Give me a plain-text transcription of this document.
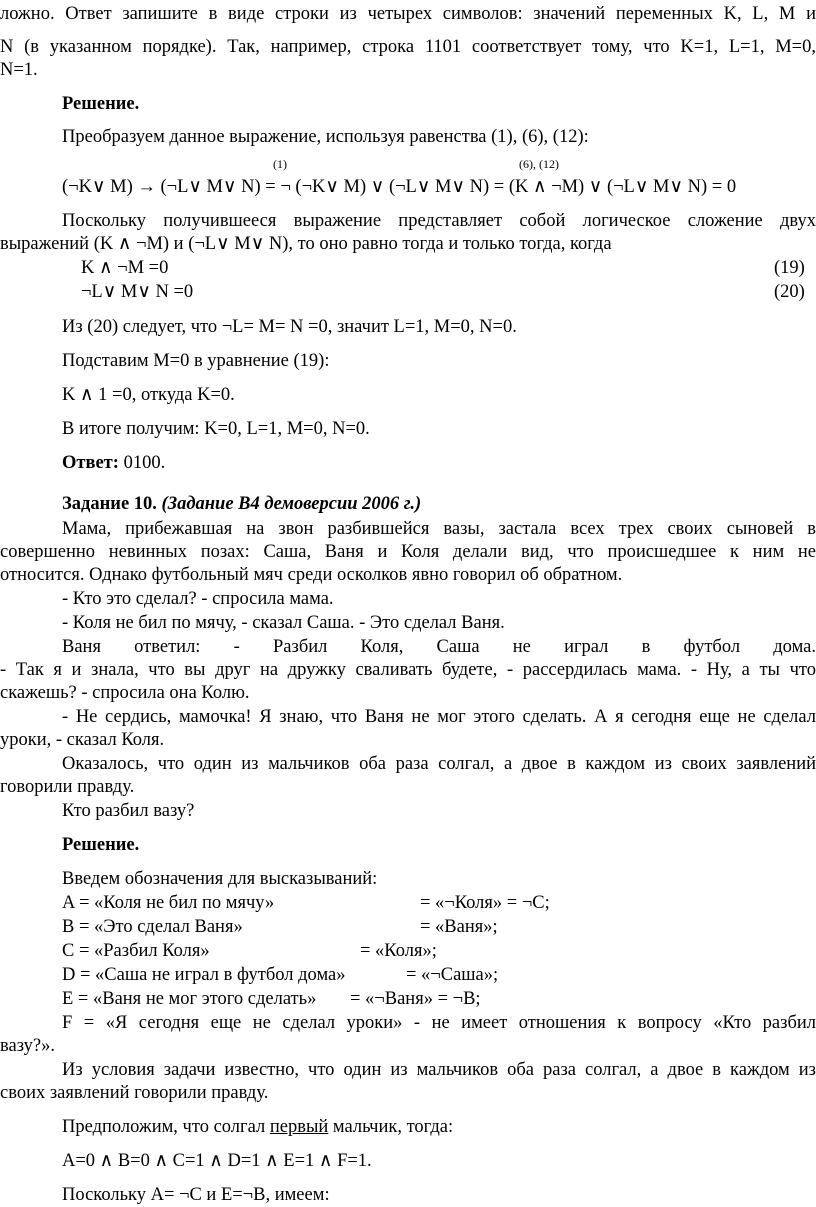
ложно. Ответ запишите в виде строки из четырех символов: значений переменных K, L, M и
N (в указанном порядке). Так, например, строка 1101 соответствует тому, что K=1, L=1, M=0,
N=1.
Решение.
Преобразуем данное выражение, используя равенства (1), (6), (12):
(1)	(6), (12)
(¬K∨ M) → (¬L∨ M∨ N) = ¬ (¬K∨ M) ∨ (¬L∨ M∨ N) = (K ∧ ¬M) ∨ (¬L∨ M∨ N) = 0
Поскольку получившееся выражение представляет собой логическое сложение двух
выражений (K ∧ ¬M) и (¬L∨ M∨ N), то оно равно тогда и только тогда, когда
K ∧ ¬M =0	(19)
¬L∨ M∨ N =0	(20)
Из (20) следует, что ¬L= M= N =0, значит L=1, M=0, N=0.
Подставим M=0 в уравнение (19):
K ∧ 1 =0, откуда K=0.
В итоге получим: K=0, L=1, M=0, N=0.
Ответ: 0100.
Задание 10. (Задание В4 демоверсии 2006 г.)
Мама, прибежавшая на звон разбившейся вазы, застала всех трех своих сыновей в
совершенно невинных позах: Саша, Ваня и Коля делали вид, что происшедшее к ним не
относится. Однако футбольный мяч среди осколков явно говорил об обратном.
- Кто это сделал? - спросила мама.
- Коля не бил по мячу, - сказал Саша. - Это сделал Ваня.
Ваня ответил: - Разбил Коля, Саша не играл в футбол дома.
- Так я и знала, что вы друг на дружку сваливать будете, - рассердилась мама. - Ну, а ты что
скажешь? - спросила она Колю.
- Не сердись, мамочка! Я знаю, что Ваня не мог этого сделать. А я сегодня еще не сделал
уроки, - сказал Коля.
Оказалось, что один из мальчиков оба раза солгал, а двое в каждом из своих заявлений
говорили правду.
Кто разбил вазу?
Решение.
Введем обозначения для высказываний:
A = «Коля не бил по мячу»	= «¬Коля» = ¬C;
B = «Это сделал Ваня»	= «Ваня»;
C = «Разбил Коля»	= «Коля»;
D = «Саша не играл в футбол дома»	= «¬Саша»;
E = «Ваня не мог этого сделать» = «¬Ваня» = ¬B;
F = «Я сегодня еще не сделал уроки» - не имеет отношения к вопросу «Кто разбил
вазу?».
Из условия задачи известно, что один из мальчиков оба раза солгал, а двое в каждом из
своих заявлений говорили правду.
Предположим, что солгал первый мальчик, тогда:
A=0 ∧ B=0 ∧ C=1 ∧ D=1 ∧ E=1 ∧ F=1.
Поскольку A= ¬C и E=¬B, имеем:
